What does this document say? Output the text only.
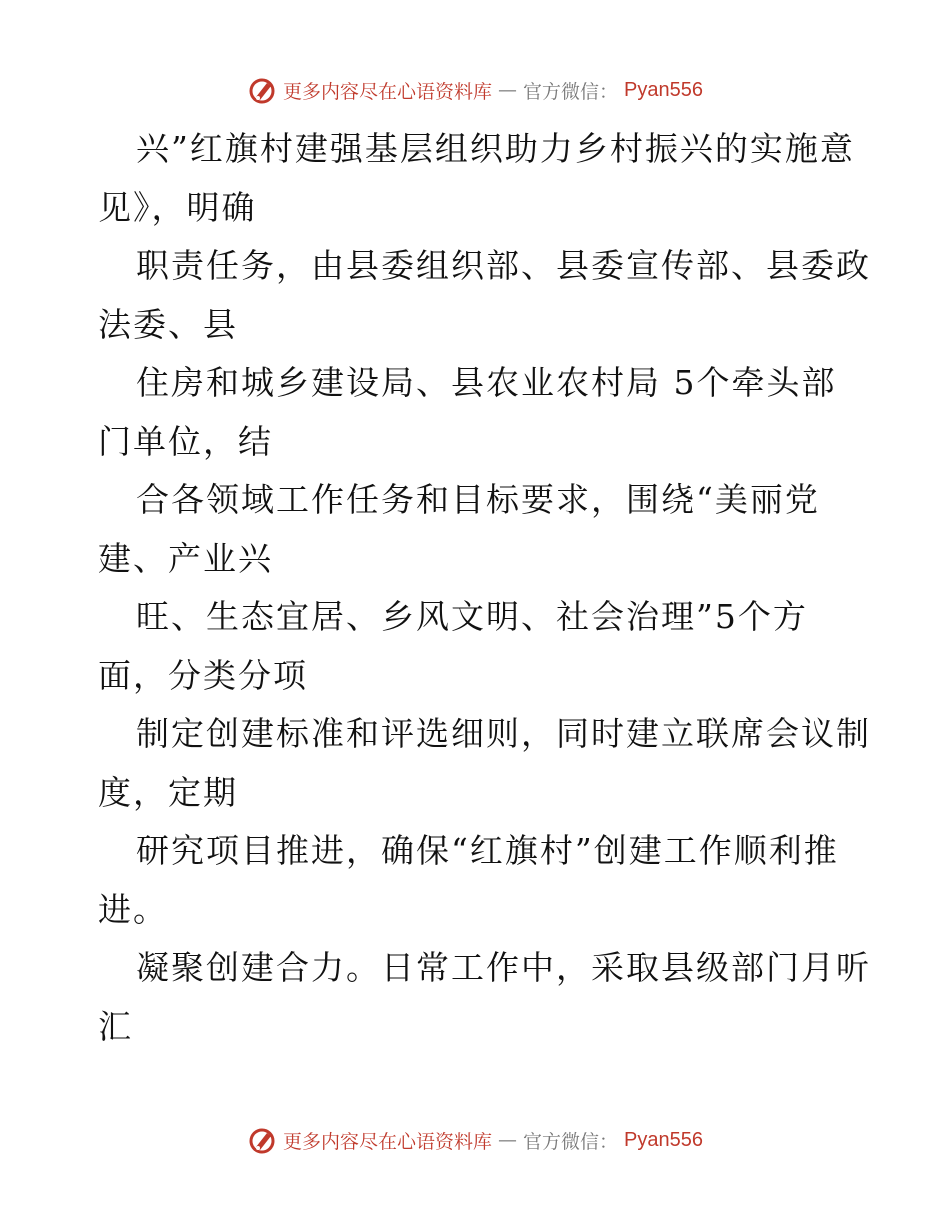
更多内容尽在心语资料库 — 官方微信： Pyan556

兴”红旗村建强基层组织助力乡村振兴的实施意

见》，明确

职责任务，由县委组织部、县委宣传部、县委政

法委、县

住房和城乡建设局、县农业农村局 5个牵头部

门单位，结

合各领域工作任务和目标要求，围绕“美丽党

建、产业兴

旺、生态宜居、乡风文明、社会治理”5个方

面，分类分项

制定创建标准和评选细则，同时建立联席会议制

度，定期

研究项目推进，确保“红旗村”创建工作顺利推

进。

凝聚创建合力。日常工作中，采取县级部门月听

汇

更多内容尽在心语资料库 — 官方微信： Pyan556
